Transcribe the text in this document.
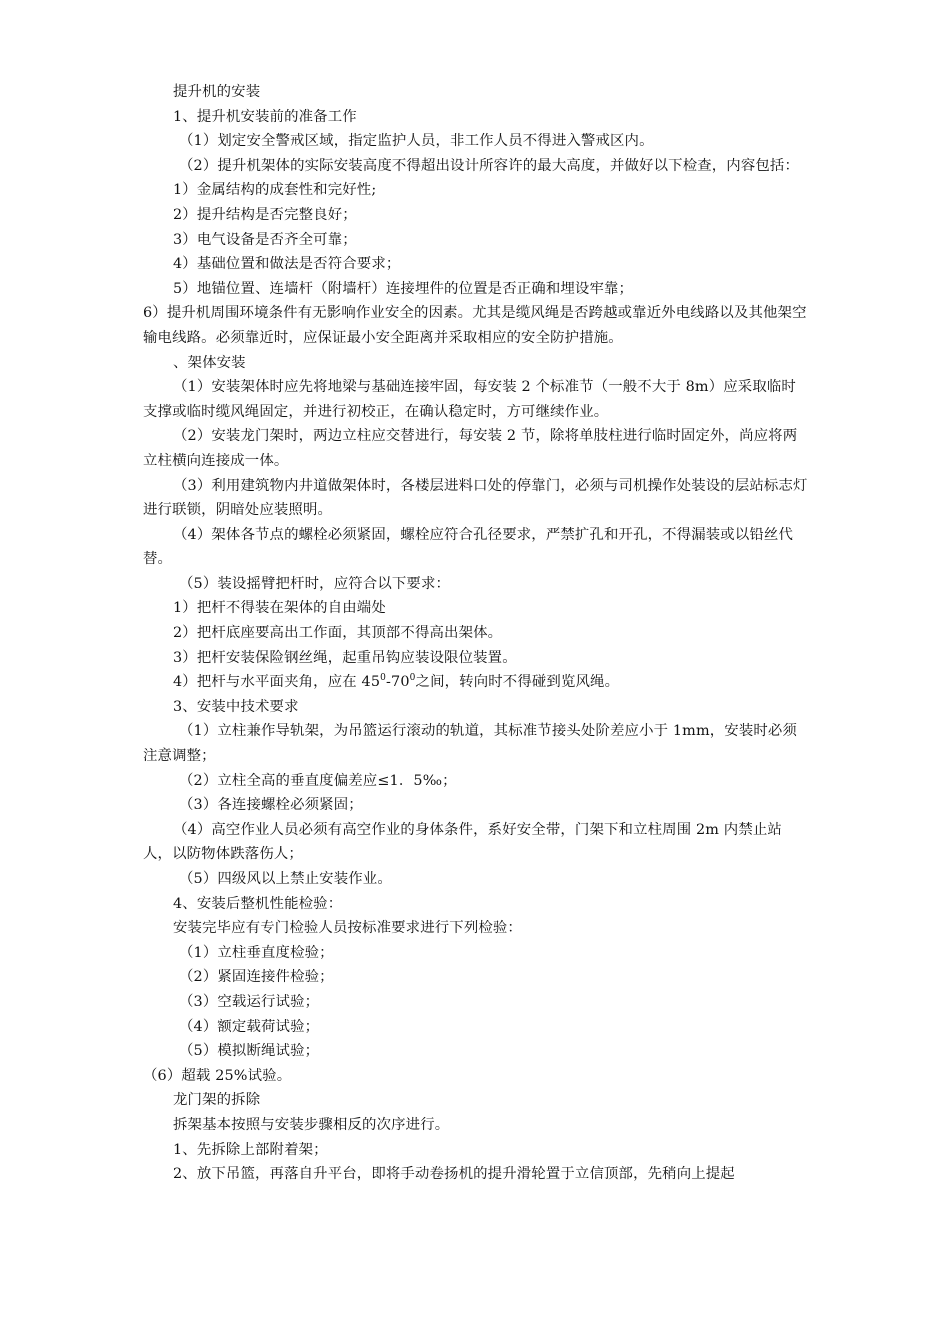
提升机的安装

1、提升机安装前的准备工作

（1）划定安全警戒区域，指定监护人员，非工作人员不得进入警戒区内。

（2）提升机架体的实际安装高度不得超出设计所容许的最大高度，并做好以下检查，内容包括：

1）金属结构的成套性和完好性;

2）提升结构是否完整良好；

3）电气设备是否齐全可靠；

4）基础位置和做法是否符合要求；

5）地锚位置、连墙杆（附墙杆）连接埋件的位置是否正确和埋设牢靠；

6）提升机周围环境条件有无影响作业安全的因素。尤其是缆风绳是否跨越或靠近外电线路以及其他架空输电线路。必须靠近时，应保证最小安全距离并采取相应的安全防护措施。

、架体安装

（1）安装架体时应先将地梁与基础连接牢固，每安装 2 个标准节（一般不大于 8m）应采取临时支撑或临时缆风绳固定，并进行初校正，在确认稳定时，方可继续作业。

（2）安装龙门架时，两边立柱应交替进行，每安装 2 节，除将单肢柱进行临时固定外，尚应将两立柱横向连接成一体。

（3）利用建筑物内井道做架体时，各楼层进料口处的停靠门，必须与司机操作处装设的层站标志灯进行联锁，阴暗处应装照明。

（4）架体各节点的螺栓必须紧固，螺栓应符合孔径要求，严禁扩孔和开孔，不得漏装或以铅丝代替。

（5）装设摇臂把杆时，应符合以下要求：

1）把杆不得装在架体的自由端处

2）把杆底座要高出工作面，其顶部不得高出架体。

3）把杆安装保险钢丝绳，起重吊钩应装设限位装置。

4）把杆与水平面夹角，应在 $45^0-70^0$之间，转向时不得碰到览风绳。

3、安装中技术要求

（1）立柱兼作导轨架，为吊篮运行滚动的轨道，其标准节接头处阶差应小于 1mm，安装时必须注意调整；

（2）立柱全高的垂直度偏差应≤1．5‰；

（3）各连接螺栓必须紧固；

（4）高空作业人员必须有高空作业的身体条件，系好安全带，门架下和立柱周围 2m 内禁止站人，以防物体跌落伤人；

（5）四级风以上禁止安装作业。

4、安装后整机性能检验：

安装完毕应有专门检验人员按标准要求进行下列检验：

（1）立柱垂直度检验；

（2）紧固连接件检验；

（3）空载运行试验；

（4）额定载荷试验；

（5）模拟断绳试验；

（6）超载 25%试验。

龙门架的拆除

拆架基本按照与安装步骤相反的次序进行。

1、先拆除上部附着架；

2、放下吊篮，再落自升平台，即将手动卷扬机的提升滑轮置于立信顶部，先稍向上提起
